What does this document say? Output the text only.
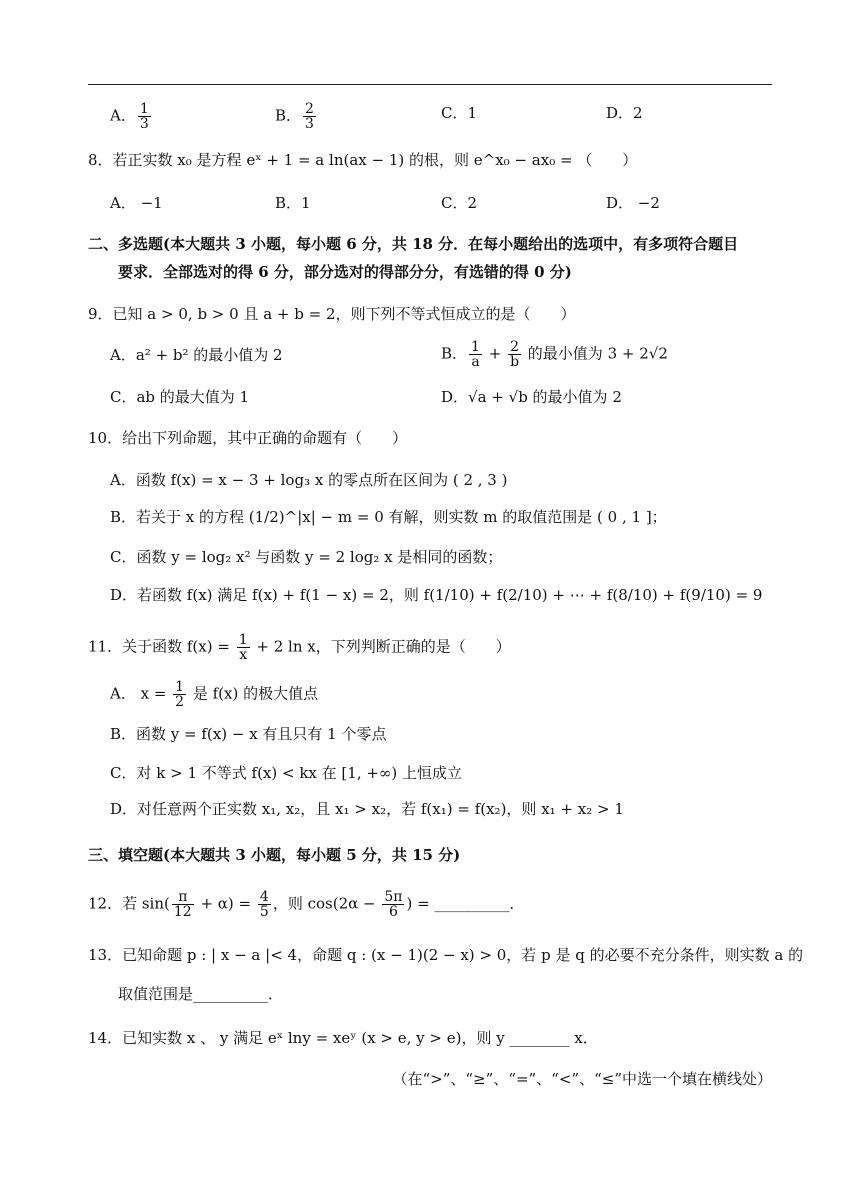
A． $\frac{1}{3}$	B． $\frac{2}{3}$	C．1	D．2
8．若正实数 x₀ 是方程 eˣ + 1 = a ln(ax − 1) 的根，则 e^x₀ − ax₀ = （　　）
A． −1	B．1	C．2	D． −2
二、多选题(本大题共 3 小题，每小题 6 分，共 18 分．在每小题给出的选项中，有多项符合题目
要求．全部选对的得 6 分，部分选对的得部分分，有选错的得 0 分)
9．已知 a > 0, b > 0 且 a + b = 2，则下列不等式恒成立的是（　　）
A．a² + b² 的最小值为 2	B． $\frac{1}{a} + \frac{2}{b}$ 的最小值为 3 + 2√2
C．ab 的最大值为 1	D．√a + √b 的最小值为 2
10．给出下列命题，其中正确的命题有（　　）
A．函数 f(x) = x − 3 + log₃ x 的零点所在区间为 ( 2 , 3 )
B．若关于 x 的方程 (1/2)^|x| − m = 0 有解，则实数 m 的取值范围是 ( 0 , 1 ]；
C．函数 y = log₂ x² 与函数 y = 2 log₂ x 是相同的函数；
D．若函数 f(x) 满足 f(x) + f(1 − x) = 2，则 f(1/10) + f(2/10) + ⋯ + f(8/10) + f(9/10) = 9
11．关于函数 $f(x) = \frac{1}{x} + 2$ ln x，下列判断正确的是（　　）
A． $x = \frac{1}{2}$ 是 f(x) 的极大值点
B．函数 y = f(x) − x 有且只有 1 个零点
C．对 k > 1 不等式 f(x) < kx 在 [1, +∞) 上恒成立
D．对任意两个正实数 x₁, x₂，且 x₁ > x₂，若 f(x₁) = f(x₂)，则 x₁ + x₂ > 1
三、填空题(本大题共 3 小题，每小题 5 分，共 15 分)
12．若 $\sin( \frac{\pi}{12} + \alpha) = \frac{4}{5}$ ，则 $\cos(2\alpha - \frac{5\pi}{6}$ ) = __________．
13．已知命题 p : | x − a |< 4，命题 q : (x − 1)(2 − x) > 0，若 p 是 q 的必要不充分条件，则实数 a 的
取值范围是__________．
14．已知实数 x 、 y 满足 eˣ lny = xeʸ (x > e, y > e)，则 y ________ x．
（在“>”、“≥”、“=”、“<”、“≤”中选一个填在横线处）
